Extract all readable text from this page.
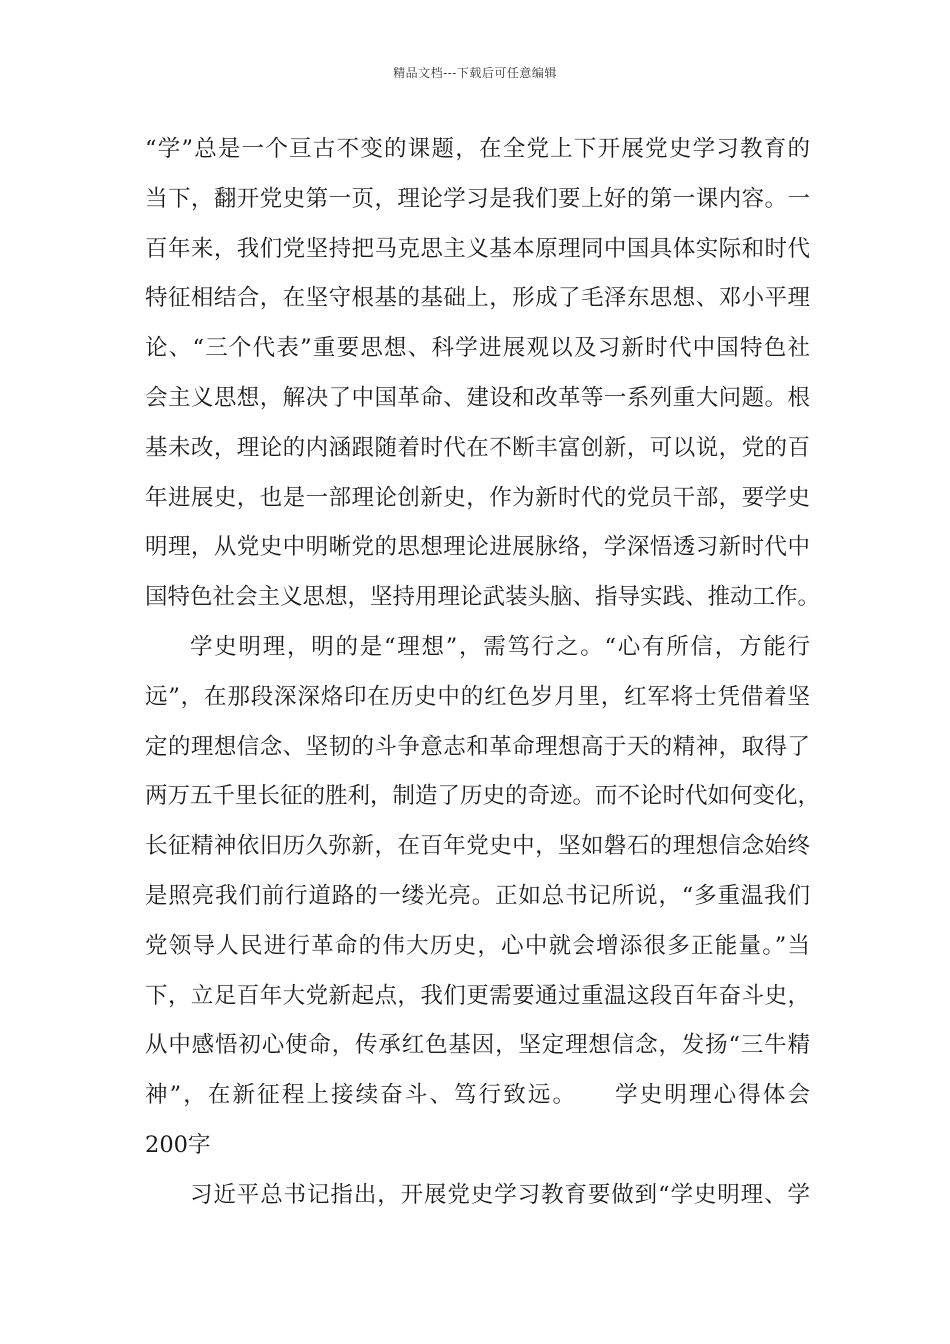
精品文档---下载后可任意编辑
“学”总是一个亘古不变的课题，在全党上下开展党史学习教育的
当下，翻开党史第一页，理论学习是我们要上好的第一课内容。一
百年来，我们党坚持把马克思主义基本原理同中国具体实际和时代
特征相结合，在坚守根基的基础上，形成了毛泽东思想、邓小平理
论、“三个代表”重要思想、科学进展观以及习新时代中国特色社
会主义思想，解决了中国革命、建设和改革等一系列重大问题。根
基未改，理论的内涵跟随着时代在不断丰富创新，可以说，党的百
年进展史，也是一部理论创新史，作为新时代的党员干部，要学史
明理，从党史中明晰党的思想理论进展脉络，学深悟透习新时代中
国特色社会主义思想，坚持用理论武装头脑、指导实践、推动工作。
学史明理，明的是“理想”，需笃行之。“心有所信，方能行
远”，在那段深深烙印在历史中的红色岁月里，红军将士凭借着坚
定的理想信念、坚韧的斗争意志和革命理想高于天的精神，取得了
两万五千里长征的胜利，制造了历史的奇迹。而不论时代如何变化，
长征精神依旧历久弥新，在百年党史中，坚如磐石的理想信念始终
是照亮我们前行道路的一缕光亮。正如总书记所说，“多重温我们
党领导人民进行革命的伟大历史，心中就会增添很多正能量。”当
下，立足百年大党新起点，我们更需要通过重温这段百年奋斗史，
从中感悟初心使命，传承红色基因，坚定理想信念，发扬“三牛精
神”，在新征程上接续奋斗、笃行致远。　　学史明理心得体会
200字
习近平总书记指出，开展党史学习教育要做到“学史明理、学
